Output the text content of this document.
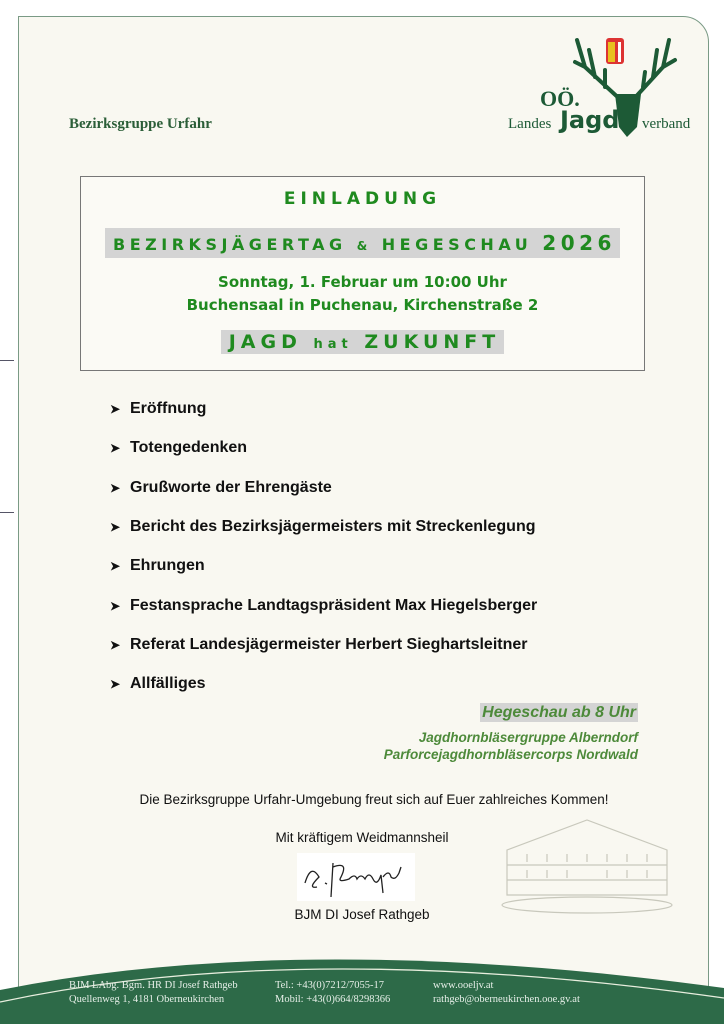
Bezirksgruppe Urfahr
OÖ.
Landes Jagd verband
EINLADUNG
BEZIRKSJÄGERTAG & HEGESCHAU 2026
Sonntag, 1. Februar um 10:00 Uhr
Buchensaal in Puchenau, Kirchenstraße 2
JAGD hat ZUKUNFT
➤ Eröffnung
➤ Totengedenken
➤ Grußworte der Ehrengäste
➤ Bericht des Bezirksjägermeisters mit Streckenlegung
➤ Ehrungen
➤ Festansprache Landtagspräsident Max Hiegelsberger
➤ Referat Landesjägermeister Herbert Sieghartsleitner
➤ Allfälliges
Hegeschau ab 8 Uhr
Jagdhornbläsergruppe Alberndorf
Parforcejagdhornbläsercorps Nordwald
Die Bezirksgruppe Urfahr-Umgebung freut sich auf Euer zahlreiches Kommen!
Mit kräftigem Weidmannsheil
BJM DI Josef Rathgeb
BJM LAbg. Bgm. HR DI Josef Rathgeb
Quellenweg 1, 4181 Oberneukirchen
Tel.: +43(0)7212/7055-17
Mobil: +43(0)664/8298366
www.ooeljv.at
rathgeb@oberneukirchen.ooe.gv.at
